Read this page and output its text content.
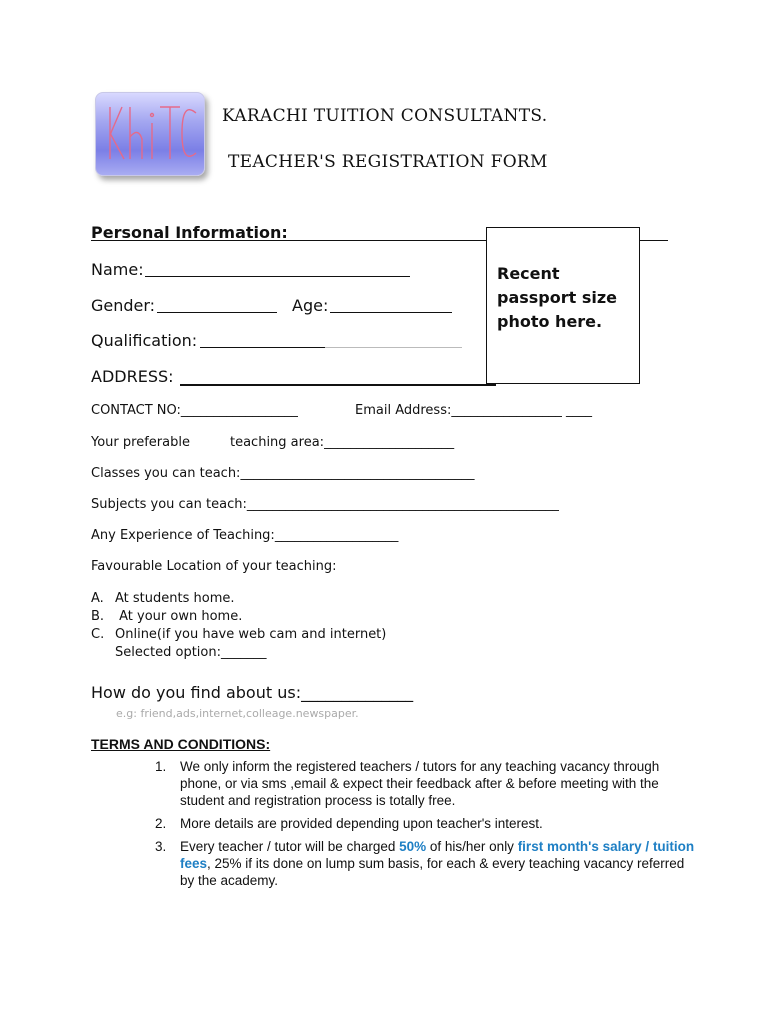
KARACHI TUITION CONSULTANTS.
TEACHER'S REGISTRATION FORM
Personal Information:
Recent passport size photo here.
Name:
Gender:	Age:
Qualification:
ADDRESS:
CONTACT NO:__________________	Email Address:_________________ ____
Your preferable	teaching area:____________________
Classes you can teach:____________________________________
Subjects you can teach:________________________________________________
Any Experience of Teaching:___________________
Favourable Location of your teaching:
A. At students home.
B. At your own home.
C. Online(if you have web cam and internet)
Selected option:_______
How do you find about us:______________
e.g: friend,ads,internet,colleage.newspaper.
TERMS AND CONDITIONS:
1. We only inform the registered teachers / tutors for any teaching vacancy through phone, or via sms ,email & expect their feedback after & before meeting with the student and registration process is totally free.
2. More details are provided depending upon teacher's interest.
3. Every teacher / tutor will be charged 50% of his/her only first month's salary / tuition fees, 25% if its done on lump sum basis, for each & every teaching vacancy referred by the academy.
